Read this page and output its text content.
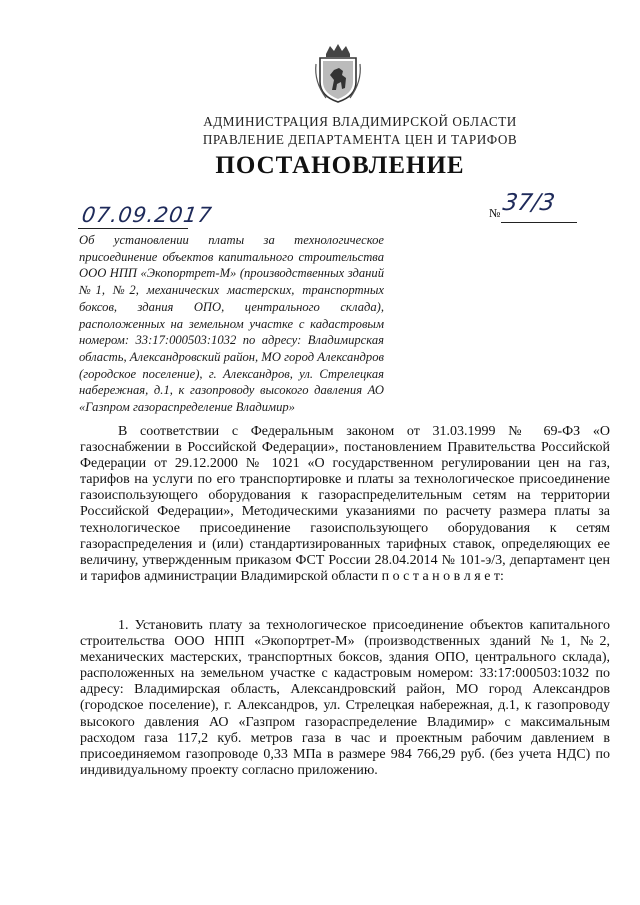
АДМИНИСТРАЦИЯ ВЛАДИМИРСКОЙ ОБЛАСТИ
ПРАВЛЕНИЕ ДЕПАРТАМЕНТА ЦЕН И ТАРИФОВ
ПОСТАНОВЛЕНИЕ
07.09.2017	№ 37/3
Об установлении платы за технологическое присоединение объектов капитального строительства ООО НПП «Экопортрет-М» (производственных зданий №1, №2, механических мастерских, транспортных боксов, здания ОПО, центрального склада), расположенных на земельном участке с кадастровым номером: 33:17:000503:1032 по адресу: Владимирская область, Александровский район, МО город Александров (городское поселение), г. Александров, ул. Стрелецкая набережная, д.1, к газопроводу высокого давления АО «Газпром газораспределение Владимир»

В соответствии с Федеральным законом от 31.03.1999 № 69-ФЗ «О газоснабжении в Российской Федерации», постановлением Правительства Российской Федерации от 29.12.2000 № 1021 «О государственном регулировании цен на газ, тарифов на услуги по его транспортировке и платы за технологическое присоединение газоиспользующего оборудования к газораспределительным сетям на территории Российской Федерации», Методическими указаниями по расчету размера платы за технологическое присоединение газоиспользующего оборудования к сетям газораспределения и (или) стандартизированных тарифных ставок, определяющих ее величину, утвержденным приказом ФСТ России 28.04.2014 № 101-э/3, департамент цен и тарифов администрации Владимирской области п о с т а н о в л я е т:

1. Установить плату за технологическое присоединение объектов капитального строительства ООО НПП «Экопортрет-М» (производственных зданий №1, №2, механических мастерских, транспортных боксов, здания ОПО, центрального склада), расположенных на земельном участке с кадастровым номером: 33:17:000503:1032 по адресу: Владимирская область, Александровский район, МО город Александров (городское поселение), г. Александров, ул. Стрелецкая набережная, д.1, к газопроводу высокого давления АО «Газпром газораспределение Владимир» с максимальным расходом газа 117,2 куб. метров газа в час и проектным рабочим давлением в присоединяемом газопроводе 0,33 МПа в размере 984 766,29 руб. (без учета НДС) по индивидуальному проекту согласно приложению.
